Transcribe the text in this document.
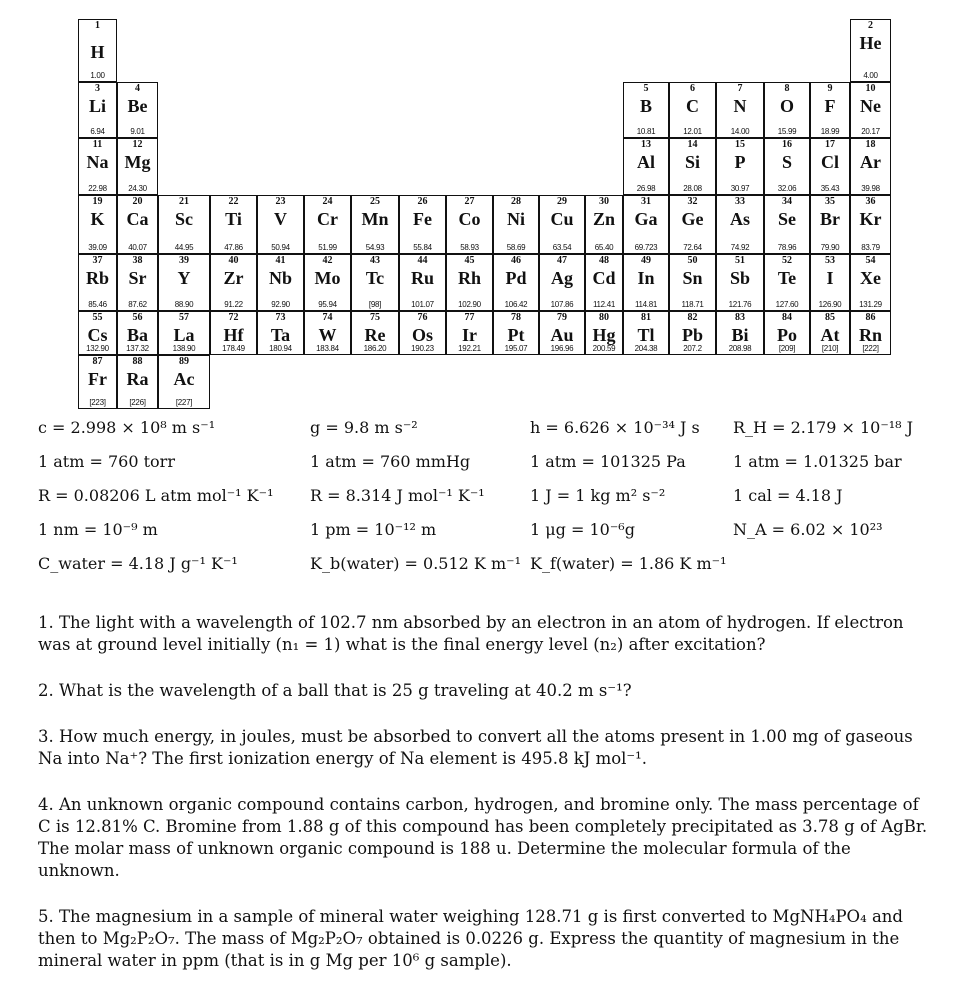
1
H
1.00
2
He
4.00
3
Li
6.94
4
Be
9.01
5
B
10.81
6
C
12.01
7
N
14.00
8
O
15.99
9
F
18.99
10
Ne
20.17
11
Na
22.98
12
Mg
24.30
13
Al
26.98
14
Si
28.08
15
P
30.97
16
S
32.06
17
Cl
35.43
18
Ar
39.98
19
K
39.09
20
Ca
40.07
21
Sc
44.95
22
Ti
47.86
23
V
50.94
24
Cr
51.99
25
Mn
54.93
26
Fe
55.84
27
Co
58.93
28
Ni
58.69
29
Cu
63.54
30
Zn
65.40
31
Ga
69.723
32
Ge
72.64
33
As
74.92
34
Se
78.96
35
Br
79.90
36
Kr
83.79
37
Rb
85.46
38
Sr
87.62
39
Y
88.90
40
Zr
91.22
41
Nb
92.90
42
Mo
95.94
43
Tc
[98]
44
Ru
101.07
45
Rh
102.90
46
Pd
106.42
47
Ag
107.86
48
Cd
112.41
49
In
114.81
50
Sn
118.71
51
Sb
121.76
52
Te
127.60
53
I
126.90
54
Xe
131.29
55
Cs
132.90
56
Ba
137.32
57
La
138.90
72
Hf
178.49
73
Ta
180.94
74
W
183.84
75
Re
186.20
76
Os
190.23
77
Ir
192.21
78
Pt
195.07
79
Au
196.96
80
Hg
200.59
81
Tl
204.38
82
Pb
207.2
83
Bi
208.98
84
Po
[209]
85
At
[210]
86
Rn
[222]
87
Fr
[223]
88
Ra
[226]
89
Ac
[227]
c = 2.998 × 10⁸ m s⁻¹	g = 9.8 m s⁻²	h = 6.626 × 10⁻³⁴ J s R_H = 2.179 × 10⁻¹⁸ J
1 atm = 760 torr	1 atm = 760 mmHg	1 atm = 101325 Pa	1 atm = 1.01325 bar
R = 0.08206 L atm mol⁻¹ K⁻¹ R = 8.314 J mol⁻¹ K⁻¹	1 J = 1 kg m² s⁻²	1 cal = 4.18 J
1 nm = 10⁻⁹ m	1 pm = 10⁻¹² m	1 μg = 10⁻⁶g	N_A = 6.02 × 10²³
C_water = 4.18 J g⁻¹ K⁻¹	K_b(water) = 0.512 K m⁻¹ K_f(water) = 1.86 K m⁻¹

1. The light with a wavelength of 102.7 nm absorbed by an electron in an atom of hydrogen. If electron was at ground level initially (n₁ = 1) what is the final energy level (n₂) after excitation?

2. What is the wavelength of a ball that is 25 g traveling at 40.2 m s⁻¹?

3. How much energy, in joules, must be absorbed to convert all the atoms present in 1.00 mg of gaseous Na into Na⁺? The first ionization energy of Na element is 495.8 kJ mol⁻¹.

4. An unknown organic compound contains carbon, hydrogen, and bromine only. The mass percentage of C is 12.81% C. Bromine from 1.88 g of this compound has been completely precipitated as 3.78 g of AgBr. The molar mass of unknown organic compound is 188 u. Determine the molecular formula of the unknown.

5. The magnesium in a sample of mineral water weighing 128.71 g is first converted to MgNH₄PO₄ and then to Mg₂P₂O₇. The mass of Mg₂P₂O₇ obtained is 0.0226 g. Express the quantity of magnesium in the mineral water in ppm (that is in g Mg per 10⁶ g sample).
